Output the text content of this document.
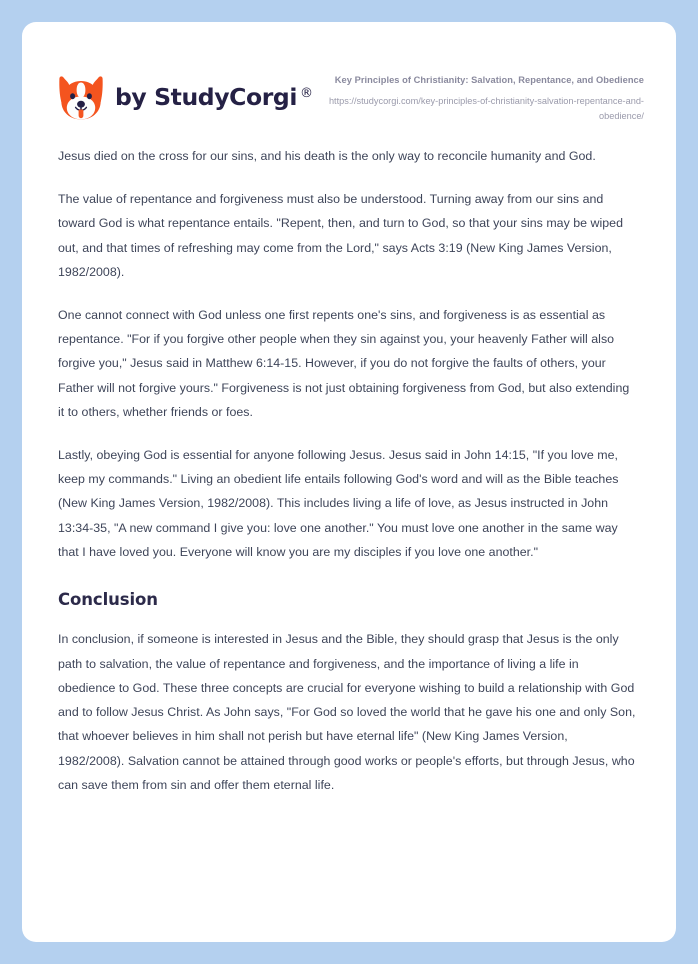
by StudyCorgi ®
Key Principles of Christianity: Salvation, Repentance, and Obedience
https://studycorgi.com/key-principles-of-christianity-salvation-repentance-and-obedience/

Jesus died on the cross for our sins, and his death is the only way to reconcile humanity and God.

The value of repentance and forgiveness must also be understood. Turning away from our sins and toward God is what repentance entails. "Repent, then, and turn to God, so that your sins may be wiped out, and that times of refreshing may come from the Lord," says Acts 3:19 (New King James Version, 1982/2008).

One cannot connect with God unless one first repents one's sins, and forgiveness is as essential as repentance. "For if you forgive other people when they sin against you, your heavenly Father will also forgive you," Jesus said in Matthew 6:14-15. However, if you do not forgive the faults of others, your Father will not forgive yours." Forgiveness is not just obtaining forgiveness from God, but also extending it to others, whether friends or foes.

Lastly, obeying God is essential for anyone following Jesus. Jesus said in John 14:15, "If you love me, keep my commands." Living an obedient life entails following God's word and will as the Bible teaches (New King James Version, 1982/2008). This includes living a life of love, as Jesus instructed in John 13:34-35, "A new command I give you: love one another." You must love one another in the same way that I have loved you. Everyone will know you are my disciples if you love one another."

Conclusion

In conclusion, if someone is interested in Jesus and the Bible, they should grasp that Jesus is the only path to salvation, the value of repentance and forgiveness, and the importance of living a life in obedience to God. These three concepts are crucial for everyone wishing to build a relationship with God and to follow Jesus Christ. As John says, "For God so loved the world that he gave his one and only Son, that whoever believes in him shall not perish but have eternal life" (New King James Version, 1982/2008). Salvation cannot be attained through good works or people's efforts, but through Jesus, who can save them from sin and offer them eternal life.
